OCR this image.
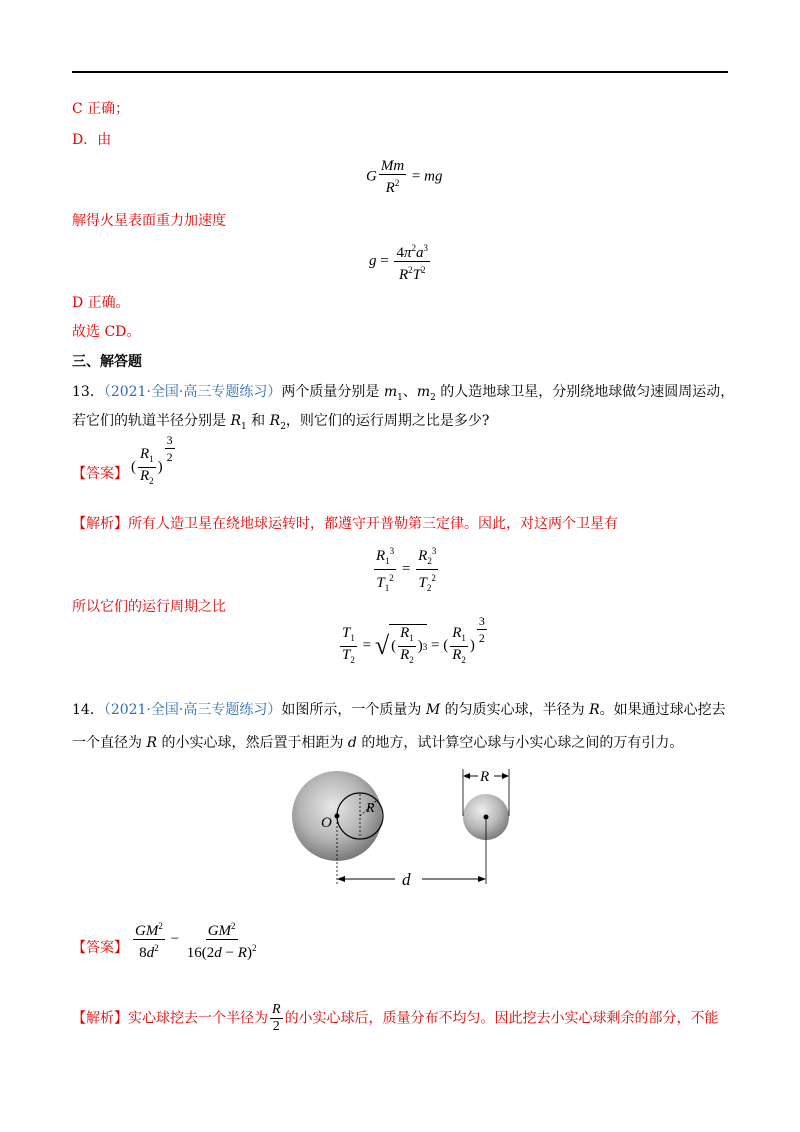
C 正确；
D．由
G $\frac{Mm}{R^2}$ = mg
解得火星表面重力加速度
$g = \frac{4\pi^2a^3}{R^2T^2}$
D 正确。
故选 CD。
三、解答题
13．（2021·全国·高三专题练习）两个质量分别是 $m_1$、$m_2$ 的人造地球卫星，分别绕地球做匀速圆周运动，
若它们的轨道半径分别是 $R_1$ 和 $R_2$，则它们的运行周期之比是多少?
【答案】 ( $\frac{R_1}{R_2}$ )
$^{\frac{3}{2}}$
【解析】所有人造卫星在绕地球运转时，都遵守开普勒第三定律。因此，对这两个卫星有
$\frac{R_1^3}{T_1^2} = \frac{R_2^3}{T_2^2}$
所以它们的运行周期之比
$\frac{T_1}{T_2}$ = √ ( $\frac{R_1}{R_2}$ ) 3 = ( $\frac{R_1}{R_2}$ ) $^{\frac{3}{2}}$
14．（2021·全国·高三专题练习）如图所示，一个质量为 M 的匀质实心球，半径为 R。如果通过球心挖去
一个直径为 R 的小实心球，然后置于相距为 d 的地方，试计算空心球与小实心球之间的万有引力。
O
R
R
d
【答案】 $\frac{GM^2}{8d^2} - \frac{GM^2}{16(2d - R)^2}$
【解析】实心球挖去一个半径为 $\frac{R}{2}$ 的小实心球后，质量分布不均匀。因此挖去小实心球剩余的部分，不能
